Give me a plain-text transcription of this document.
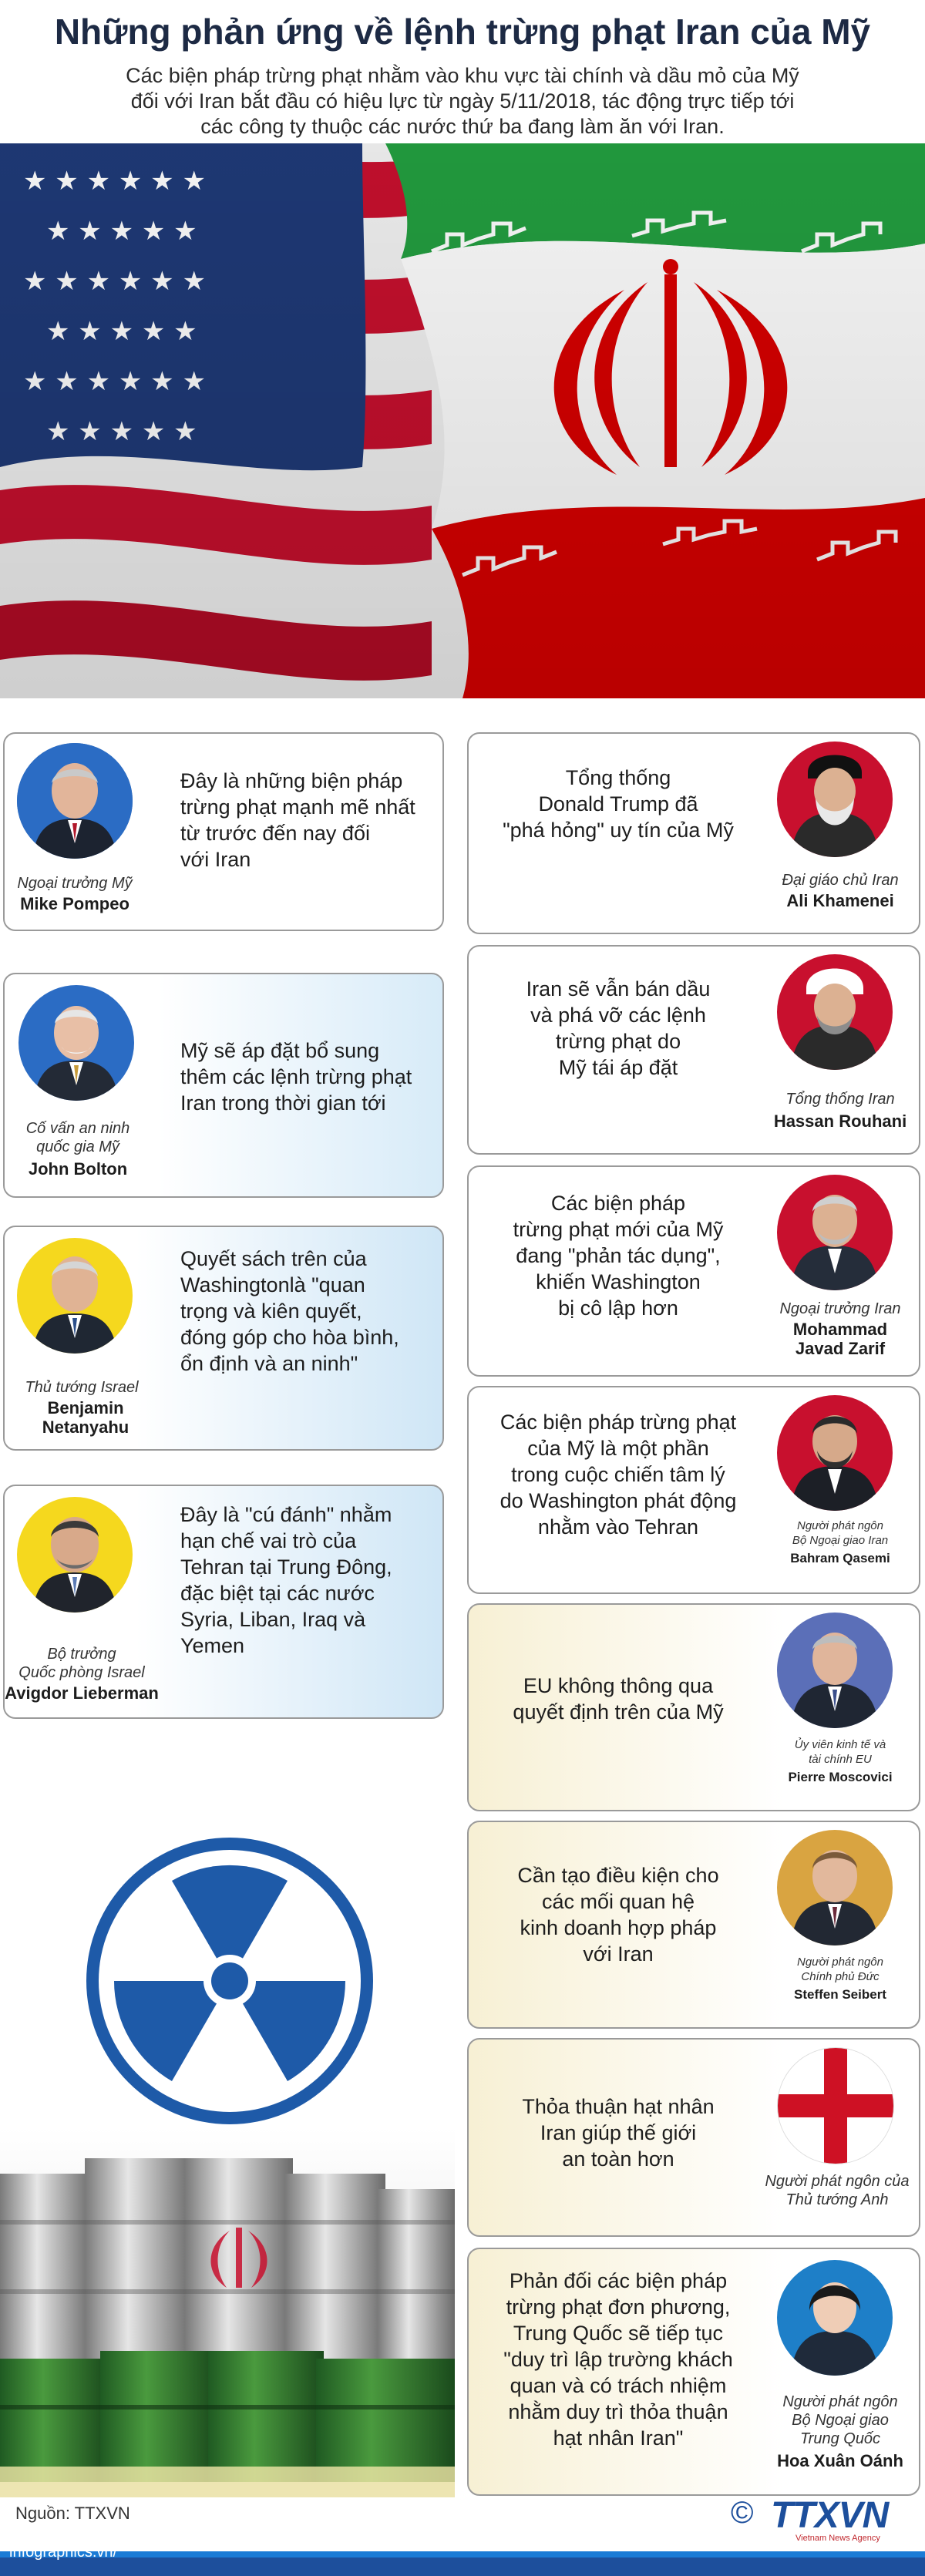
Những phản ứng về lệnh trừng phạt Iran của Mỹ
Các biện pháp trừng phạt nhằm vào khu vực tài chính và dầu mỏ của Mỹ
đối với Iran bắt đầu có hiệu lực từ ngày 5/11/2018, tác động trực tiếp tới
các công ty thuộc các nước thứ ba đang làm ăn với Iran.
Ngoại trưởng Mỹ
Mike Pompeo
Đây là những biện pháp
trừng phạt mạnh mẽ nhất
từ trước đến nay đối
với Iran
Cố vấn an ninh
quốc gia Mỹ
John Bolton
Mỹ sẽ áp đặt bổ sung
thêm các lệnh trừng phạt
Iran trong thời gian tới
Thủ tướng Israel
Benjamin Netanyahu
Quyết sách trên của
Washingtonlà "quan
trọng và kiên quyết,
đóng góp cho hòa bình,
ổn định và an ninh"
Bộ trưởng
Quốc phòng Israel
Avigdor Lieberman
Đây là "cú đánh" nhằm
hạn chế vai trò của
Tehran tại Trung Đông,
đặc biệt tại các nước
Syria, Liban, Iraq và
Yemen
Tổng thống
Donald Trump đã
"phá hỏng" uy tín của Mỹ
Đại giáo chủ Iran
Ali Khamenei
Iran sẽ vẫn bán dầu
và phá vỡ các lệnh
trừng phạt do
Mỹ tái áp đặt
Tổng thống Iran
Hassan Rouhani
Các biện pháp
trừng phạt mới của Mỹ
đang "phản tác dụng",
khiến Washington
bị cô lập hơn	Ngoại trưởng Iran
Mohammad
Javad Zarif
Các biện pháp trừng phạt
của Mỹ là một phần
trong cuộc chiến tâm lý
do Washington phát động
nhằm vào Tehran	Người phát ngôn
Bộ Ngoại giao Iran
Bahram Qasemi
EU không thông qua
quyết định trên của Mỹ
Ủy viên kinh tế và
tài chính EU
Pierre Moscovici
Cần tạo điều kiện cho
các mối quan hệ
kinh doanh hợp pháp
với Iran	Người phát ngôn
Chính phủ Đức
Steffen Seibert
Thỏa thuận hạt nhân
Iran giúp thế giới
an toàn hơn
Người phát ngôn của
Thủ tướng Anh
Phản đối các biện pháp
trừng phạt đơn phương,
Trung Quốc sẽ tiếp tục
"duy trì lập trường khách
quan và có trách nhiệm
nhằm duy trì thỏa thuận
hạt nhân Iran"
Người phát ngôn
Bộ Ngoại giao
Trung Quốc
Hoa Xuân Oánh
Nguồn: TTXVN	© TTXVN
Vietnam News Agency
infographics.vn/
